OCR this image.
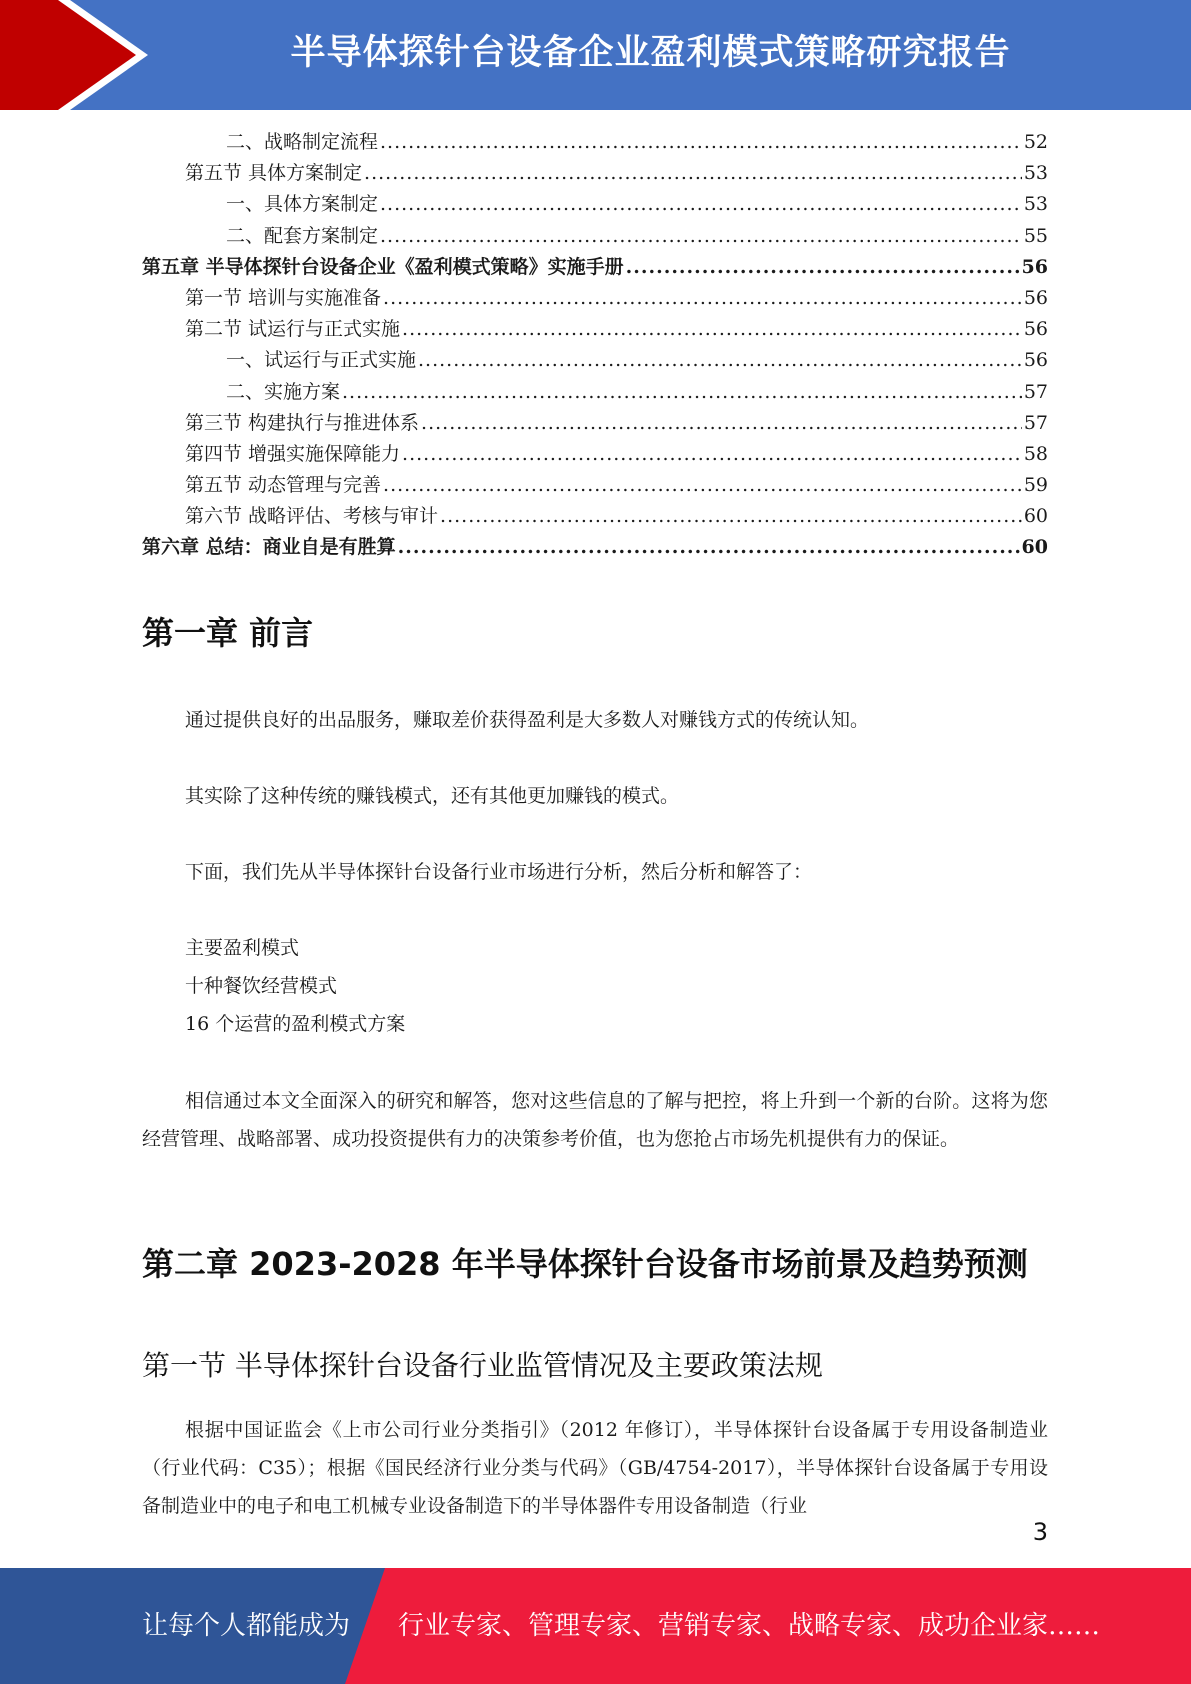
半导体探针台设备企业盈利模式策略研究报告
二、战略制定流程 .....	52
第五节 具体方案制定 .....	53
一、具体方案制定 .....	53
二、配套方案制定 .....	55
第五章 半导体探针台设备企业《盈利模式策略》实施手册 .....	56
第一节 培训与实施准备 .....	56
第二节 试运行与正式实施 .....	56
一、试运行与正式实施 .....	56
二、实施方案 .....	57
第三节 构建执行与推进体系 .....	57
第四节 增强实施保障能力 .....	58
第五节 动态管理与完善 .....	59
第六节 战略评估、考核与审计 .....	60
第六章 总结：商业自是有胜算 .....	60
第一章 前言

通过提供良好的出品服务，赚取差价获得盈利是大多数人对赚钱方式的传统认知。

其实除了这种传统的赚钱模式，还有其他更加赚钱的模式。

下面，我们先从半导体探针台设备行业市场进行分析，然后分析和解答了：

主要盈利模式
十种餐饮经营模式
16 个运营的盈利模式方案

相信通过本文全面深入的研究和解答，您对这些信息的了解与把控，将上升到一个新的台阶。这将为您经营管理、战略部署、成功投资提供有力的决策参考价值，也为您抢占市场先机提供有力的保证。

第二章 2023-2028 年半导体探针台设备市场前景及趋势预测
第一节 半导体探针台设备行业监管情况及主要政策法规

根据中国证监会《上市公司行业分类指引》（2012 年修订），半导体探针台设备属于专用设备制造业（行业代码：C35）；根据《国民经济行业分类与代码》（GB/4754-2017），半导体探针台设备属于专用设备制造业中的电子和电工机械专业设备制造下的半导体器件专用设备制造（行业

3
让每个人都能成为 行业专家、管理专家、营销专家、战略专家、成功企业家……
